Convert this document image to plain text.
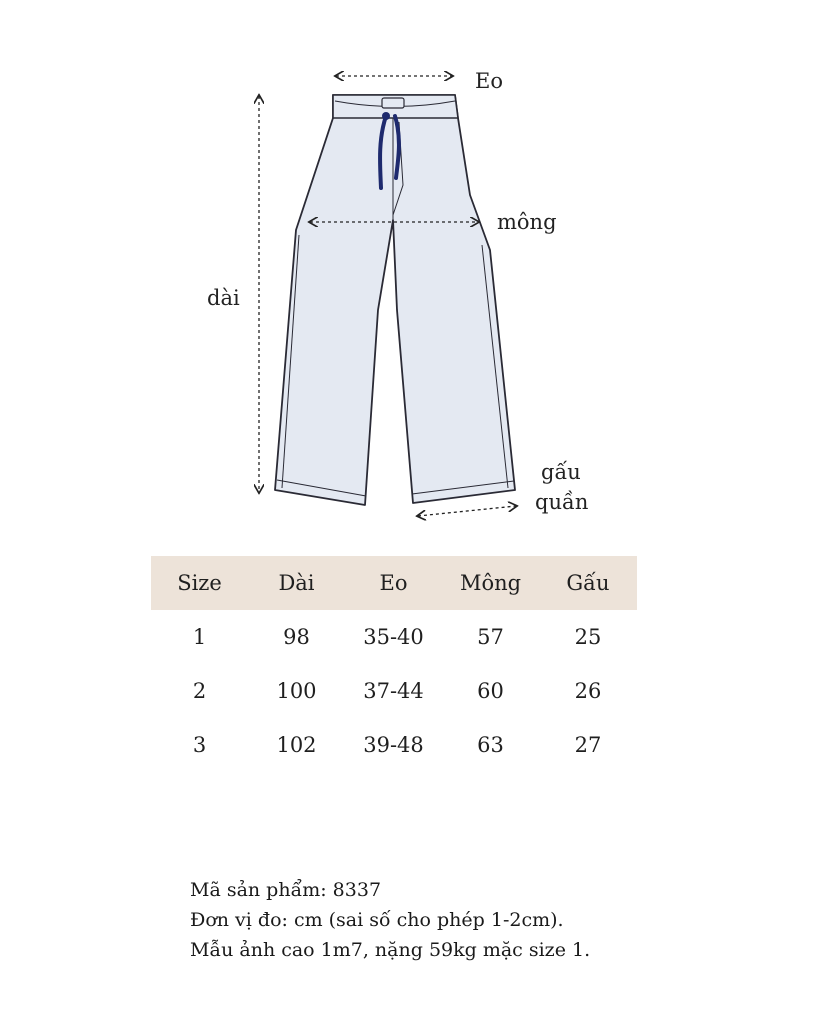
Eo
mông
dài
gấu
quần
Size	Dài	Eo	Mông	Gấu
1	98	35-40	57	25
2	100	37-44	60	26
3	102	39-48	63	27
Mã sản phẩm: 8337
Đơn vị đo: cm (sai số cho phép 1-2cm).
Mẫu ảnh cao 1m7, nặng 59kg mặc size 1.
